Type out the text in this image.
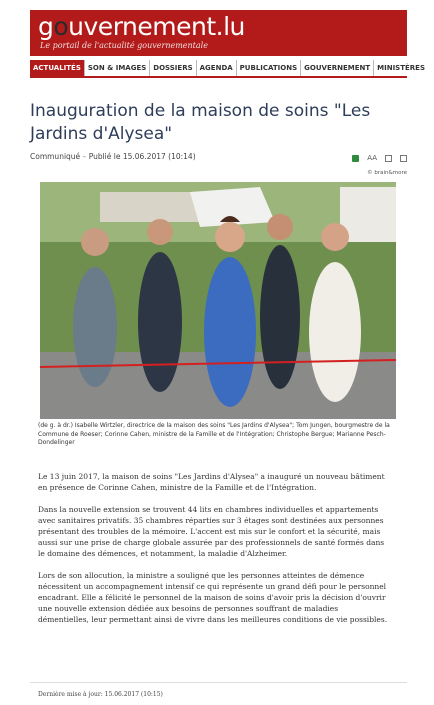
gouvernement.lu
Le portail de l'actualité gouvernementale
ACTUALITÉS	SON & IMAGES	DOSSIERS	AGENDA	PUBLICATIONS	GOUVERNEMENT	MINISTÈRES
Inauguration de la maison de soins "Les Jardins d'Alysea"
Communiqué – Publié le 15.06.2017 (10:14)	AA
© brain&more
(de g. à dr.) Isabelle Wirtzler, directrice de la maison des soins "Les Jardins d'Alysea"; Tom Jungen, bourgmestre de la Commune de Roeser; Corinne Cahen, ministre de la Famille et de l'Intégration; Christophe Bergue; Marianne Pesch-Dondelinger

Le 13 juin 2017, la maison de soins "Les Jardins d'Alysea" a inauguré un nouveau bâtiment en présence de Corinne Cahen, ministre de la Famille et de l'Intégration.

Dans la nouvelle extension se trouvent 44 lits en chambres individuelles et appartements avec sanitaires privatifs. 35 chambres réparties sur 3 étages sont destinées aux personnes présentant des troubles de la mémoire. L'accent est mis sur le confort et la sécurité, mais aussi sur une prise de charge globale assurée par des professionnels de santé formés dans le domaine des démences, et notamment, la maladie d'Alzheimer.

Lors de son allocution, la ministre a souligné que les personnes atteintes de démence nécessitent un accompagnement intensif ce qui représente un grand défi pour le personnel encadrant. Elle a félicité le personnel de la maison de soins d'avoir pris la décision d'ouvrir une nouvelle extension dédiée aux besoins de personnes souffrant de maladies démentielles, leur permettant ainsi de vivre dans les meilleures conditions de vie possibles.

Dernière mise à jour: 15.06.2017 (10:15)
